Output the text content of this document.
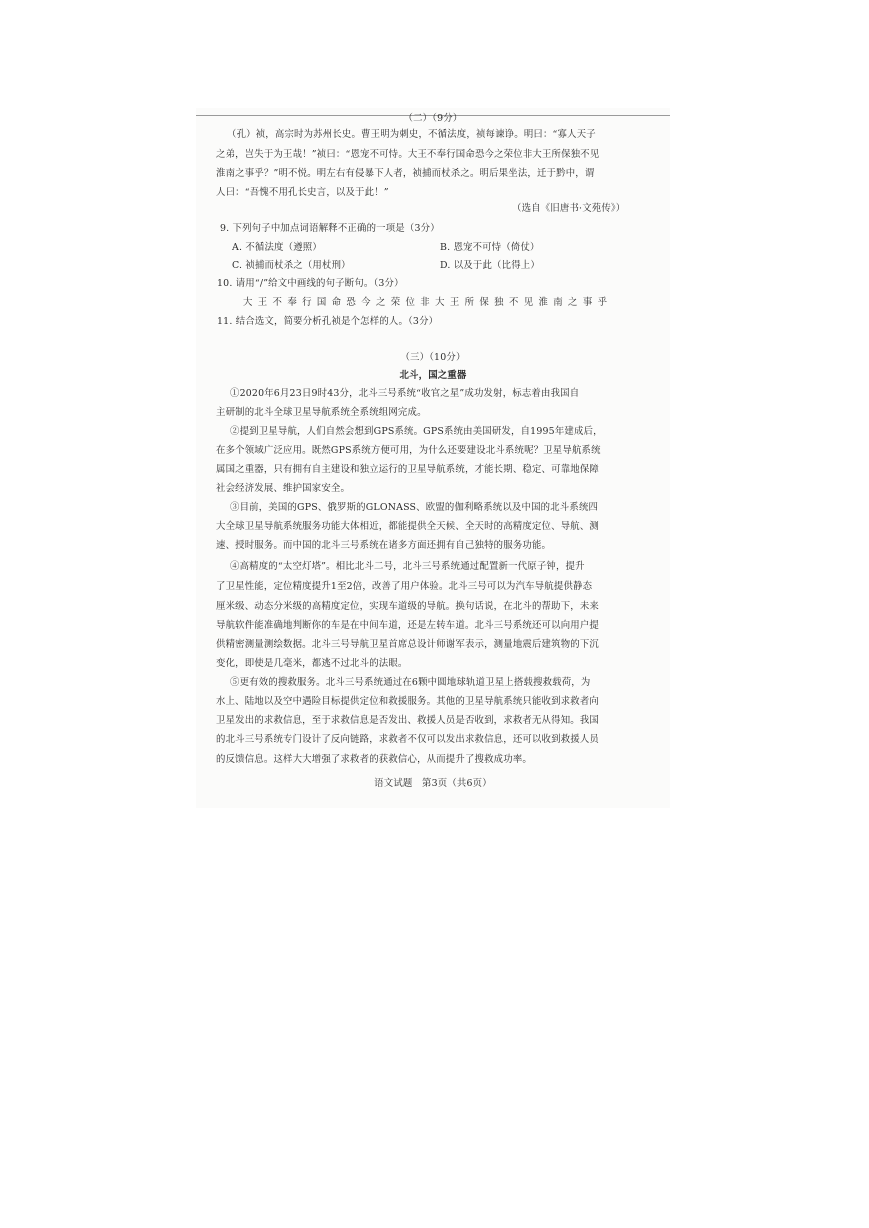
（二）（9分）
（孔）祯，高宗时为苏州长史。曹王明为刺史，不循法度，祯每谏诤。明曰：“寡人天子
之弟，岂失于为王哉！”祯曰：“恩宠不可恃。大王不奉行国命恐今之荣位非大王所保独不见
淮南之事乎？”明不悦。明左右有侵暴下人者，祯捕而杖杀之。明后果坐法，迁于黔中，谓
人曰：“吾愧不用孔长史言，以及于此！”
（选自《旧唐书·文苑传》）
9. 下列句子中加点词语解释不正确的一项是（3分）
A. 不循法度（遵照）	B. 恩宠不可恃（倚仗）
C. 祯捕而杖杀之（用杖刑）	D. 以及于此（比得上）
10. 请用“/”给文中画线的句子断句。（3分）
大王不奉行国命恐今之荣位非大王所保独不见淮南之事乎
11. 结合选文，简要分析孔祯是个怎样的人。（3分）
（三）（10分）
北斗，国之重器
①2020年6月23日9时43分，北斗三号系统“收官之星”成功发射，标志着由我国自
主研制的北斗全球卫星导航系统全系统组网完成。
②提到卫星导航，人们自然会想到GPS系统。GPS系统由美国研发，自1995年建成后，
在多个领域广泛应用。既然GPS系统方便可用，为什么还要建设北斗系统呢？卫星导航系统
属国之重器，只有拥有自主建设和独立运行的卫星导航系统，才能长期、稳定、可靠地保障
社会经济发展、维护国家安全。
③目前，美国的GPS、俄罗斯的GLONASS、欧盟的伽利略系统以及中国的北斗系统四
大全球卫星导航系统服务功能大体相近，都能提供全天候、全天时的高精度定位、导航、测
速、授时服务。而中国的北斗三号系统在诸多方面还拥有自己独特的服务功能。
④高精度的“太空灯塔”。相比北斗二号，北斗三号系统通过配置新一代原子钟，提升
了卫星性能，定位精度提升1至2倍，改善了用户体验。北斗三号可以为汽车导航提供静态
厘米级、动态分米级的高精度定位，实现车道级的导航。换句话说，在北斗的帮助下，未来
导航软件能准确地判断你的车是在中间车道，还是左转车道。北斗三号系统还可以向用户提
供精密测量测绘数据。北斗三号导航卫星首席总设计师谢军表示，测量地震后建筑物的下沉
变化，即使是几毫米，都逃不过北斗的法眼。
⑤更有效的搜救服务。北斗三号系统通过在6颗中圆地球轨道卫星上搭载搜救载荷，为
水上、陆地以及空中遇险目标提供定位和救援服务。其他的卫星导航系统只能收到求救者向
卫星发出的求救信息，至于求救信息是否发出、救援人员是否收到，求救者无从得知。我国
的北斗三号系统专门设计了反向链路，求救者不仅可以发出求救信息，还可以收到救援人员
的反馈信息。这样大大增强了求救者的获救信心，从而提升了搜救成功率。
语文试题　第3页（共6页）
